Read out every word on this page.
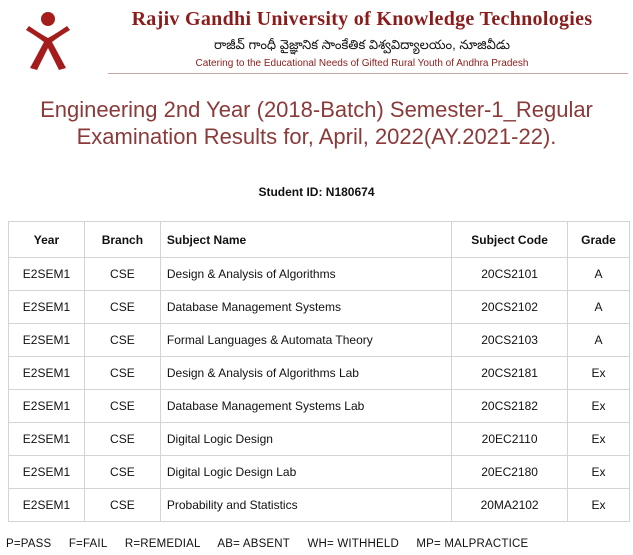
Rajiv Gandhi University of Knowledge Technologies
రాజీవ్ గాంధీ వైజ్ఞానిక సాంకేతిక విశ్వవిద్యాలయం, నూజివీడు
Catering to the Educational Needs of Gifted Rural Youth of Andhra Pradesh
Engineering 2nd Year (2018-Batch) Semester-1_Regular
Examination Results for, April, 2022(AY.2021-22).
Student ID: N180674
Year	Branch	Subject Name	Subject Code	Grade
E2SEM1	CSE	Design & Analysis of Algorithms	20CS2101	A
E2SEM1	CSE	Database Management Systems	20CS2102	A
E2SEM1	CSE	Formal Languages & Automata Theory	20CS2103	A
E2SEM1	CSE	Design & Analysis of Algorithms Lab	20CS2181	Ex
E2SEM1	CSE	Database Management Systems Lab	20CS2182	Ex
E2SEM1	CSE	Digital Logic Design	20EC2110	Ex
E2SEM1	CSE	Digital Logic Design Lab	20EC2180	Ex
E2SEM1	CSE	Probability and Statistics	20MA2102	Ex
P=PASS F=FAIL R=REMEDIAL AB= ABSENT WH= WITHHELD MP= MALPRACTICE
